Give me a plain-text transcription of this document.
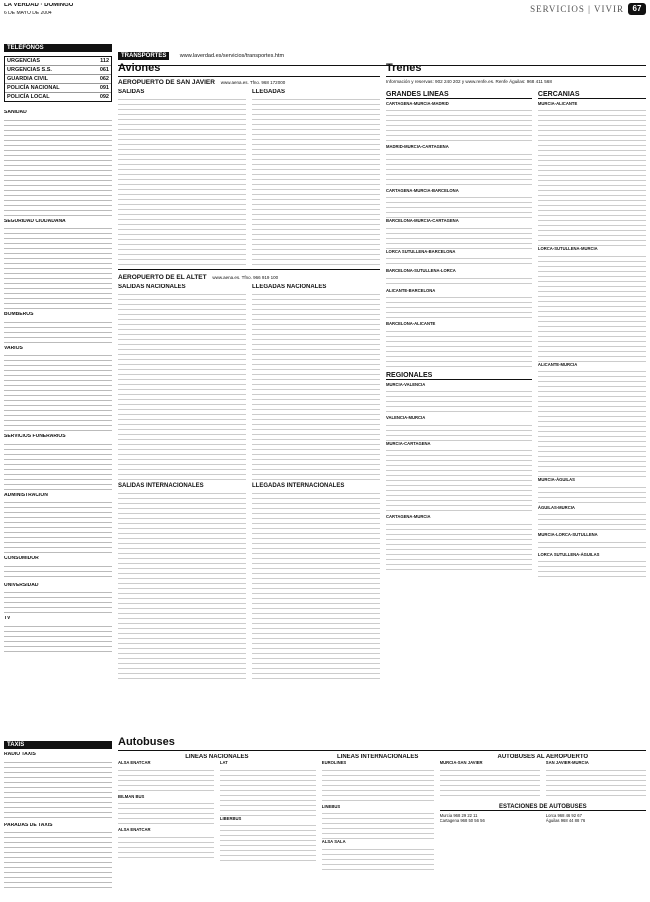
LA VERDAD · DOMINGO
6 DE MAYO DE 2004	SERVICIOS | VIVIR	67
TELÉFONOS
URGENCIAS	112
URGENCIAS S.S.	061
GUARDIA CIVIL	062
POLICÍA NACIONAL	091
POLICÍA LOCAL	092
SANIDAD
SEGURIDAD CIUDADANA
BOMBEROS
VARIOS
SERVICIOS FUNERARIOS
ADMINISTRACIÓN
CONSUMIDOR
UNIVERSIDAD
TV
TAXIS
RADIO TAXIS
PARADAS DE TAXIS
TRANSPORTES www.laverdad.es/servicios/transportes.htm
Aviones
AEROPUERTO DE SAN JAVIER www.aena.es. Tfno. 968 172000
SALIDAS	LLEGADAS
AEROPUERTO DE EL ALTET www.aena.es. Tfno. 966 919 100
SALIDAS NACIONALES
SALIDAS INTERNACIONALES
LLEGADAS NACIONALES
LLEGADAS INTERNACIONALES
Trenes
Información y reservas: 902 240 202 y www.renfe.es. Renfe Águilas: 968 411 568
GRANDES LÍNEAS
CARTAGENA-MURCIA-MADRID
MADRID-MURCIA-CARTAGENA
CARTAGENA-MURCIA-BARCELONA
BARCELONA-MURCIA-CARTAGENA
LORCA SUTULLENA-BARCELONA
BARCELONA-SUTULLENA-LORCA
ALICANTE-BARCELONA
BARCELONA-ALICANTE
REGIONALES
MURCIA-VALENCIA
VALENCIA-MURCIA
MURCIA-CARTAGENA
CARTAGENA-MURCIA
CERCANÍAS
MURCIA-ALICANTE
LORCA-SUTULLENA-MURCIA
ALICANTE-MURCIA
MURCIA-ÁGUILAS
ÁGUILAS-MURCIA
MURCIA-LORCA-SUTULLENA
LORCA SUTULLENA-ÁGUILAS
Autobuses
LÍNEAS NACIONALES
ALSA ENATCAR
BILMAN BUS
ALSA ENATCAR
LAT
LIBERBUS
LÍNEAS INTERNACIONALES
EUROLINES
LINEBUS
ALSA SALA
AUTOBUSES AL AEROPUERTO
MURCIA-SAN JAVIER	SAN JAVIER-MURCIA
ESTACIONES DE AUTOBUSES
Murcia 968 29 22 11
Cartagena 968 50 56 56
Lorca 968 46 92 67
Águilas 968 44 88 76
